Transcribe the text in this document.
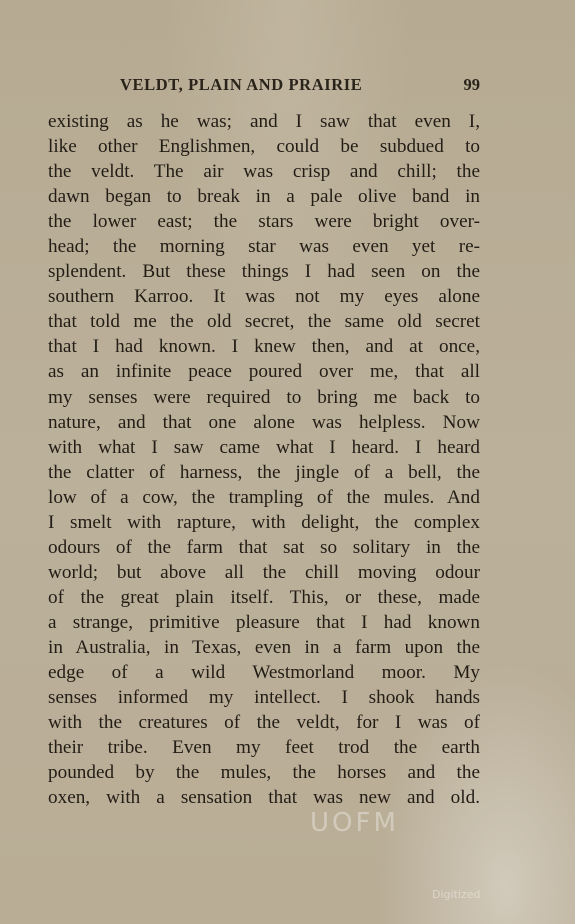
VELDT, PLAIN AND PRAIRIE	99
existing as he was; and I saw that even I,
like other Englishmen, could be subdued to
the veldt. The air was crisp and chill; the
dawn began to break in a pale olive band in
the lower east; the stars were bright over-
head; the morning star was even yet re-
splendent. But these things I had seen on the
southern Karroo. It was not my eyes alone
that told me the old secret, the same old secret
that I had known. I knew then, and at once,
as an infinite peace poured over me, that all
my senses were required to bring me back to
nature, and that one alone was helpless. Now
with what I saw came what I heard. I heard
the clatter of harness, the jingle of a bell, the
low of a cow, the trampling of the mules. And
I smelt with rapture, with delight, the complex
odours of the farm that sat so solitary in the
world; but above all the chill moving odour
of the great plain itself. This, or these, made
a strange, primitive pleasure that I had known
in Australia, in Texas, even in a farm upon the
edge of a wild Westmorland moor. My
senses informed my intellect. I shook hands
with the creatures of the veldt, for I was of
their tribe. Even my feet trod the earth
pounded by the mules, the horses and the
oxen, with a sensation that was new and old.
UOFM
Digitized
